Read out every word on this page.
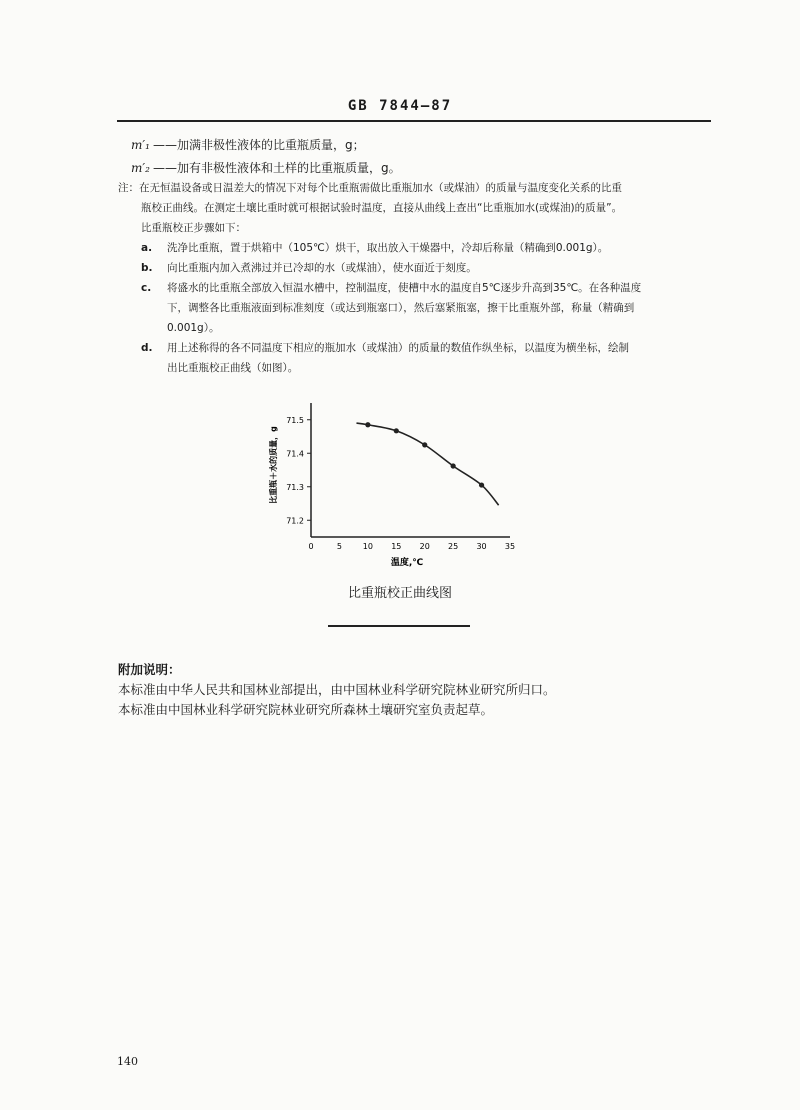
GB 7844—87
m′₁ ——加满非极性液体的比重瓶质量，g；
m′₂ ——加有非极性液体和土样的比重瓶质量，g。
注：在无恒温设备或日温差大的情况下对每个比重瓶需做比重瓶加水（或煤油）的质量与温度变化关系的比重
瓶校正曲线。在测定土壤比重时就可根据试验时温度，直接从曲线上查出“比重瓶加水(或煤油)的质量”。
比重瓶校正步骤如下：
a. 洗净比重瓶，置于烘箱中（105℃）烘干，取出放入干燥器中，冷却后称量（精确到0.001g）。
b. 向比重瓶内加入煮沸过并已冷却的水（或煤油），使水面近于刻度。
c. 将盛水的比重瓶全部放入恒温水槽中，控制温度，使槽中水的温度自5℃逐步升高到35℃。在各种温度
下，调整各比重瓶液面到标准刻度（或达到瓶塞口），然后塞紧瓶塞，擦干比重瓶外部，称量（精确到
0.001g）。
d. 用上述称得的各不同温度下相应的瓶加水（或煤油）的质量的数值作纵坐标，以温度为横坐标，绘制
出比重瓶校正曲线（如图）。
71.2
71.3
71.4
71.5
0	5	10 15 20 25 30 35
比重瓶＋水的质量，g
温度,℃
比重瓶校正曲线图
附加说明：
本标准由中华人民共和国林业部提出，由中国林业科学研究院林业研究所归口。
本标准由中国林业科学研究院林业研究所森林土壤研究室负责起草。
140
